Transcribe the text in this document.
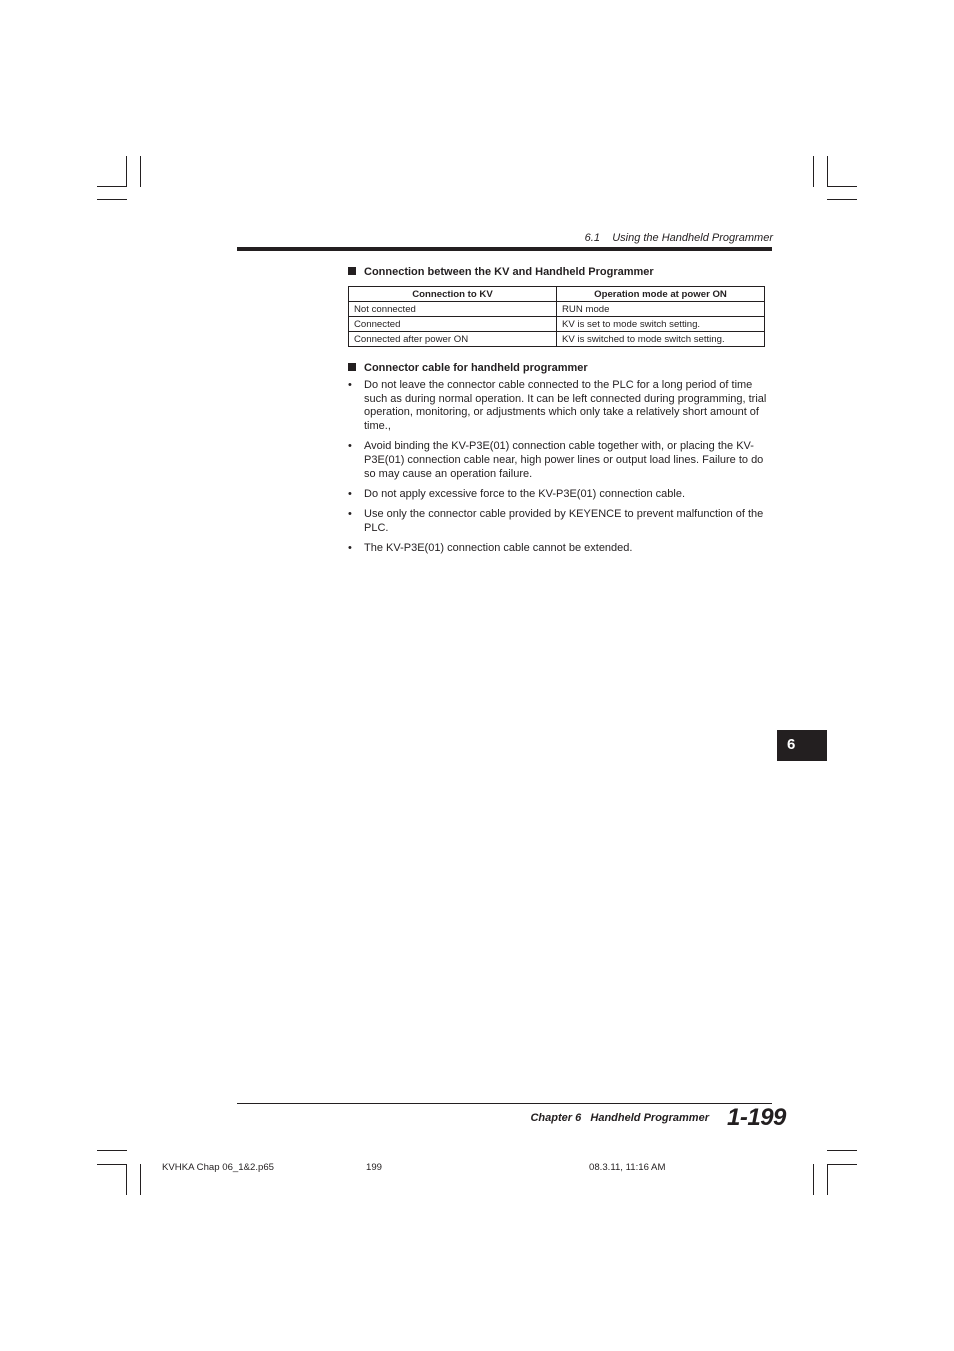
6.1 Using the Handheld Programmer
Connection between the KV and Handheld Programmer
Connection to KV	Operation mode at power ON
Not connected	RUN mode
Connected	KV is set to mode switch setting.
Connected after power ON	KV is switched to mode switch setting.
Connector cable for handheld programmer
• Do not leave the connector cable connected to the PLC for a long period of time such as during normal operation. It can be left connected during programming, trial operation, monitoring, or adjustments which only take a relatively short amount of time.,
• Avoid binding the KV-P3E(01) connection cable together with, or placing the KV-P3E(01) connection cable near, high power lines or output load lines. Failure to do so may cause an operation failure.
• Do not apply excessive force to the KV-P3E(01) connection cable.
• Use only the connector cable provided by KEYENCE to prevent malfunction of the PLC.
• The KV-P3E(01) connection cable cannot be extended.
6
Chapter 6 Handheld Programmer 1-199
KVHKA Chap 06_1&2.p65	199	08.3.11, 11:16 AM
